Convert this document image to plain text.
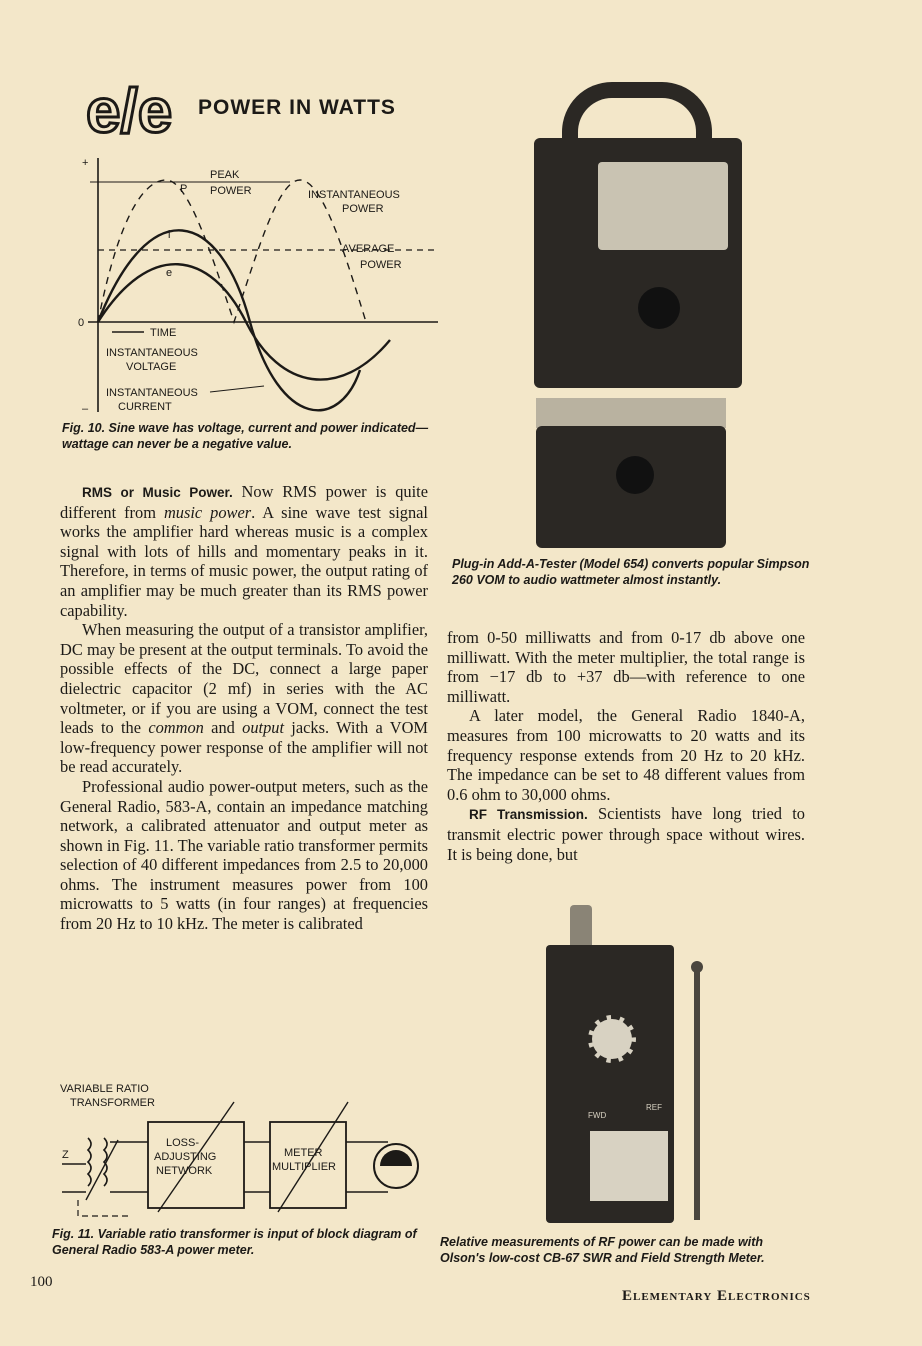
e/e POWER IN WATTS
+
0
–
PEAK
POWER
P	INSTANTANEOUS
POWER
AVERAGE
POWER
e
i
TIME
INSTANTANEOUS
VOLTAGE
INSTANTANEOUS
CURRENT
Fig. 10. Sine wave has voltage, current and power indicated—wattage can never be a negative value.

RMS or Music Power. Now RMS power is quite different from music power. A sine wave test signal works the amplifier hard whereas music is a complex signal with lots of hills and momentary peaks in it. Therefore, in terms of music power, the output rating of an amplifier may be much greater than its RMS power capability.

When measuring the output of a transistor amplifier, DC may be present at the output terminals. To avoid the possible effects of the DC, connect a large paper dielectric capacitor (2 mf) in series with the AC voltmeter, or if you are using a VOM, connect the test leads to the common and output jacks. With a VOM low-frequency power response of the amplifier will not be read accurately.

Professional audio power-output meters, such as the General Radio, 583-A, contain an impedance matching network, a calibrated attenuator and output meter as shown in Fig. 11. The variable ratio transformer permits selection of 40 different impedances from 2.5 to 20,000 ohms. The instrument measures power from 100 microwatts to 5 watts (in four ranges) at frequencies from 20 Hz to 10 kHz. The meter is calibrated

VARIABLE RATIO
TRANSFORMER
Z
LOSS-
ADJUSTING
NETWORK
METER
MULTIPLIER
Fig. 11. Variable ratio transformer is input of block diagram of General Radio 583-A power meter.
Plug-in Add-A-Tester (Model 654) converts popular Simpson 260 VOM to audio wattmeter almost instantly.

from 0-50 milliwatts and from 0-17 db above one milliwatt. With the meter multiplier, the total range is from −17 db to +37 db—with reference to one milliwatt.

A later model, the General Radio 1840-A, measures from 100 microwatts to 20 watts and its frequency response extends from 20 Hz to 20 kHz. The impedance can be set to 48 different values from 0.6 ohm to 30,000 ohms.

RF Transmission. Scientists have long tried to transmit electric power through space without wires. It is being done, but

FWD
REF
Relative measurements of RF power can be made with Olson's low-cost CB-67 SWR and Field Strength Meter.
100
Elementary Electronics
